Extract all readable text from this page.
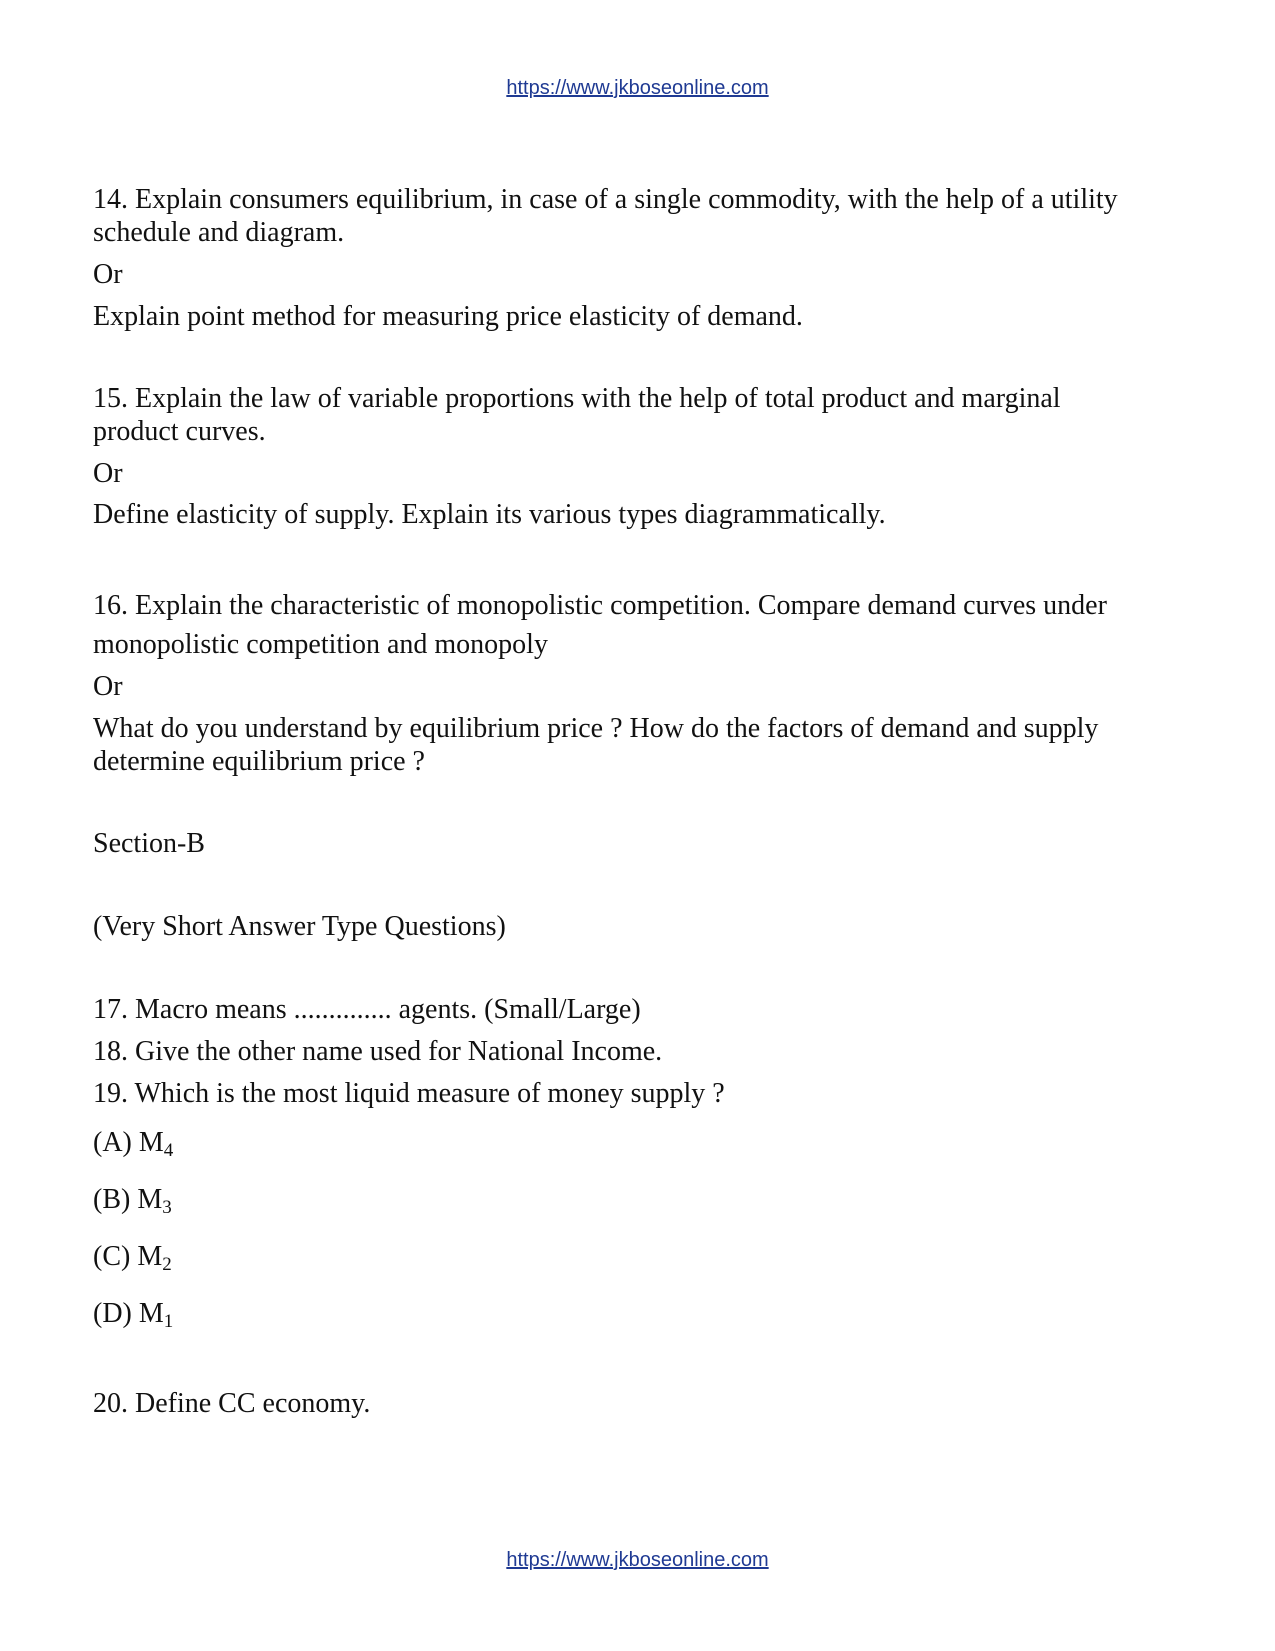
https://www.jkboseonline.com
14. Explain consumers equilibrium, in case of a single commodity, with the help of a utility
schedule and diagram.
Or
Explain point method for measuring price elasticity of demand.
15. Explain the law of variable proportions with the help of total product and marginal
product curves.
Or
Define elasticity of supply. Explain its various types diagrammatically.
16. Explain the characteristic of monopolistic competition. Compare demand curves under
monopolistic competition and monopoly
Or
What do you understand by equilibrium price ? How do the factors of demand and supply
determine equilibrium price ?
Section-B
(Very Short Answer Type Questions)
17. Macro means .............. agents. (Small/Large)
18. Give the other name used for National Income.
19. Which is the most liquid measure of money supply ?
(A) $M_4$
(B) $M_3$
(C) $M_2$
(D) $M_1$
20. Define CC economy.
https://www.jkboseonline.com
